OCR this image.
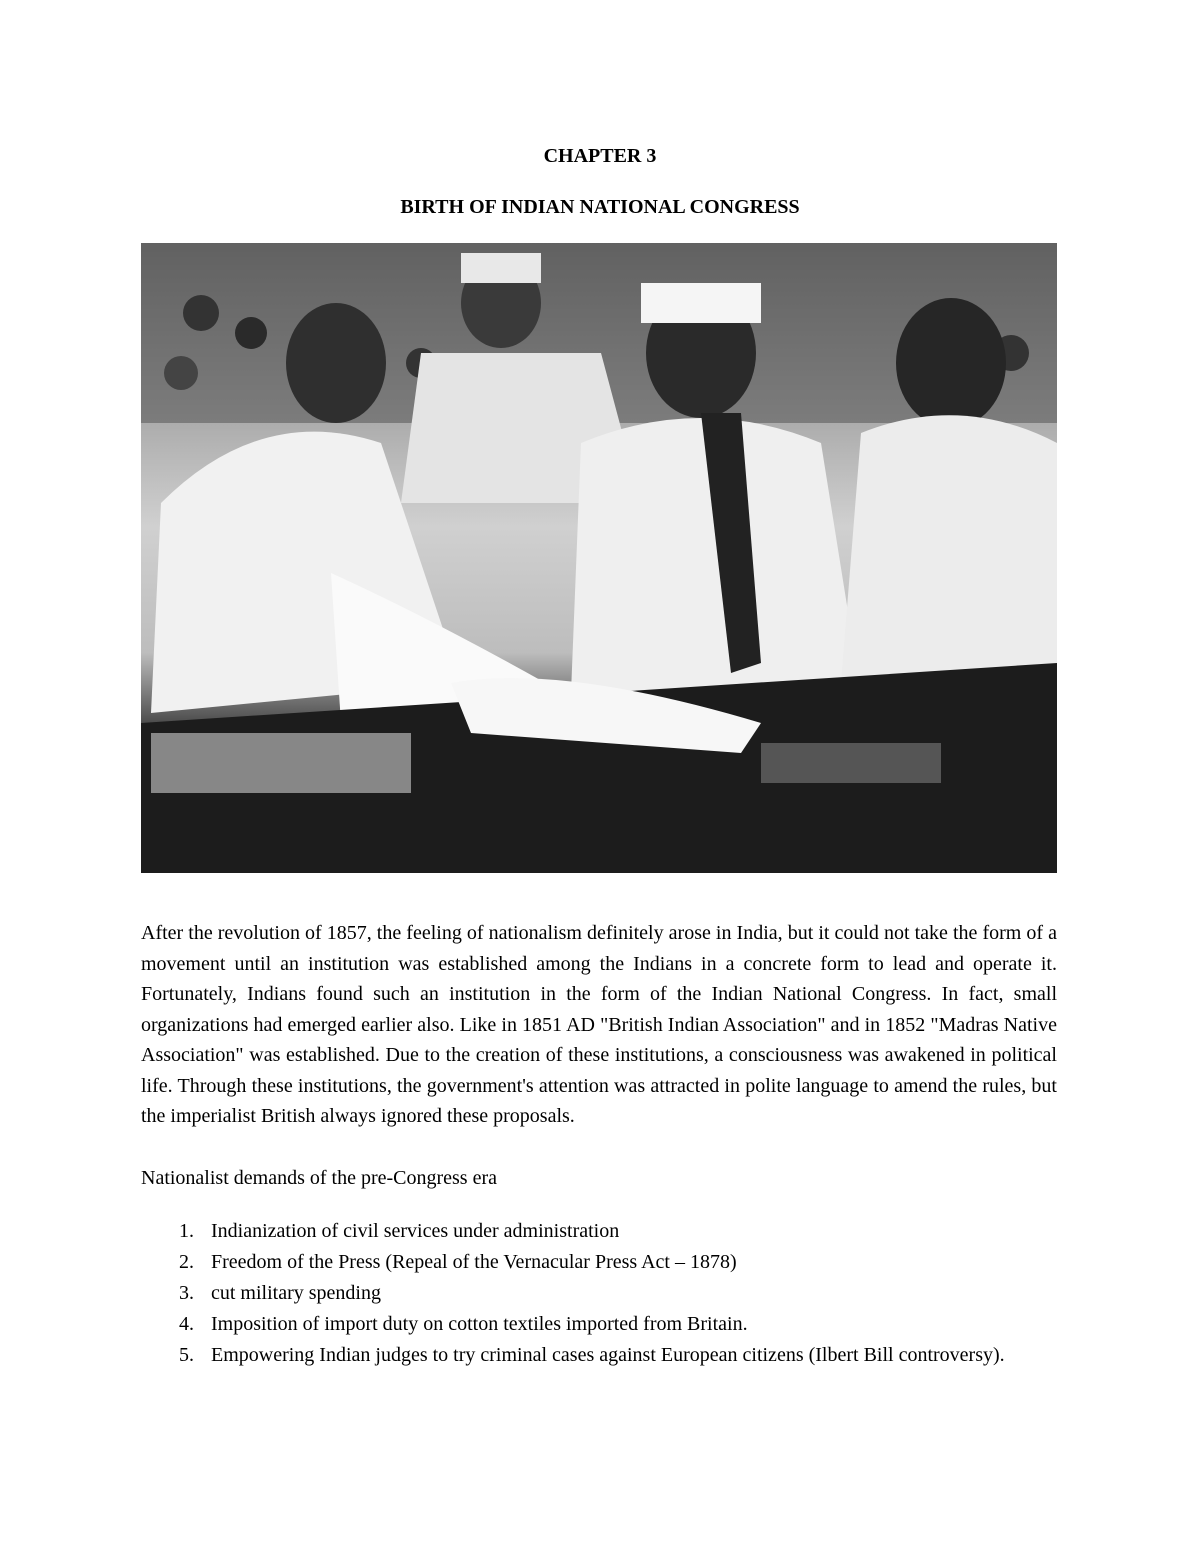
CHAPTER 3
BIRTH OF INDIAN NATIONAL CONGRESS

After the revolution of 1857, the feeling of nationalism definitely arose in India, but it could not take the form of a movement until an institution was established among the Indians in a concrete form to lead and operate it. Fortunately, Indians found such an institution in the form of the Indian National Congress. In fact, small organizations had emerged earlier also. Like in 1851 AD "British Indian Association" and in 1852 "Madras Native Association" was established. Due to the creation of these institutions, a consciousness was awakened in political life. Through these institutions, the government's attention was attracted in polite language to amend the rules, but the imperialist British always ignored these proposals.

Nationalist demands of the pre-Congress era
1. Indianization of civil services under administration
2. Freedom of the Press (Repeal of the Vernacular Press Act – 1878)
3. cut military spending
4. Imposition of import duty on cotton textiles imported from Britain.
5. Empowering Indian judges to try criminal cases against European citizens (Ilbert Bill controversy).
